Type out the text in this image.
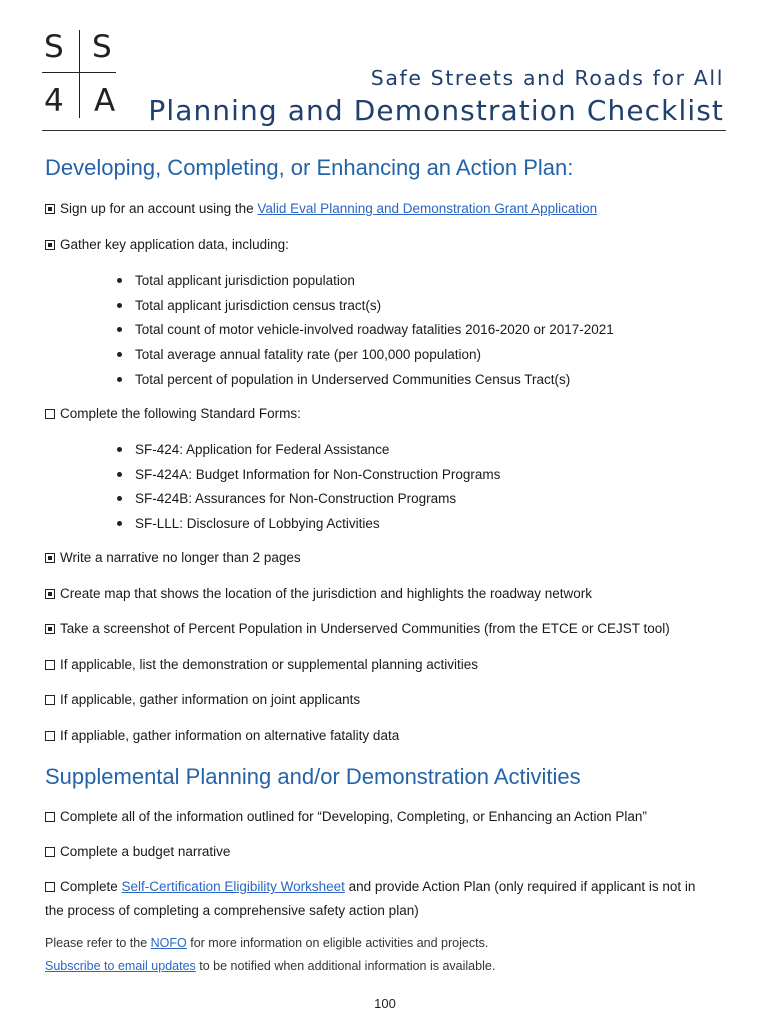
S S
4 A
Safe Streets and Roads for All
Planning and Demonstration Checklist
Developing, Completing, or Enhancing an Action Plan:
Sign up for an account using the Valid Eval Planning and Demonstration Grant Application
Gather key application data, including:
Total applicant jurisdiction population
Total applicant jurisdiction census tract(s)
Total count of motor vehicle-involved roadway fatalities 2016-2020 or 2017-2021
Total average annual fatality rate (per 100,000 population)
Total percent of population in Underserved Communities Census Tract(s)
Complete the following Standard Forms:
SF-424: Application for Federal Assistance
SF-424A: Budget Information for Non-Construction Programs
SF-424B: Assurances for Non-Construction Programs
SF-LLL: Disclosure of Lobbying Activities
Write a narrative no longer than 2 pages
Create map that shows the location of the jurisdiction and highlights the roadway network
Take a screenshot of Percent Population in Underserved Communities (from the ETCE or CEJST tool)
If applicable, list the demonstration or supplemental planning activities
If applicable, gather information on joint applicants
If appliable, gather information on alternative fatality data
Supplemental Planning and/or Demonstration Activities
Complete all of the information outlined for “Developing, Completing, or Enhancing an Action Plan”
Complete a budget narrative
Complete Self-Certification Eligibility Worksheet and provide Action Plan (only required if applicant is not in
the process of completing a comprehensive safety action plan)
Please refer to the NOFO for more information on eligible activities and projects.
Subscribe to email updates to be notified when additional information is available.
100
